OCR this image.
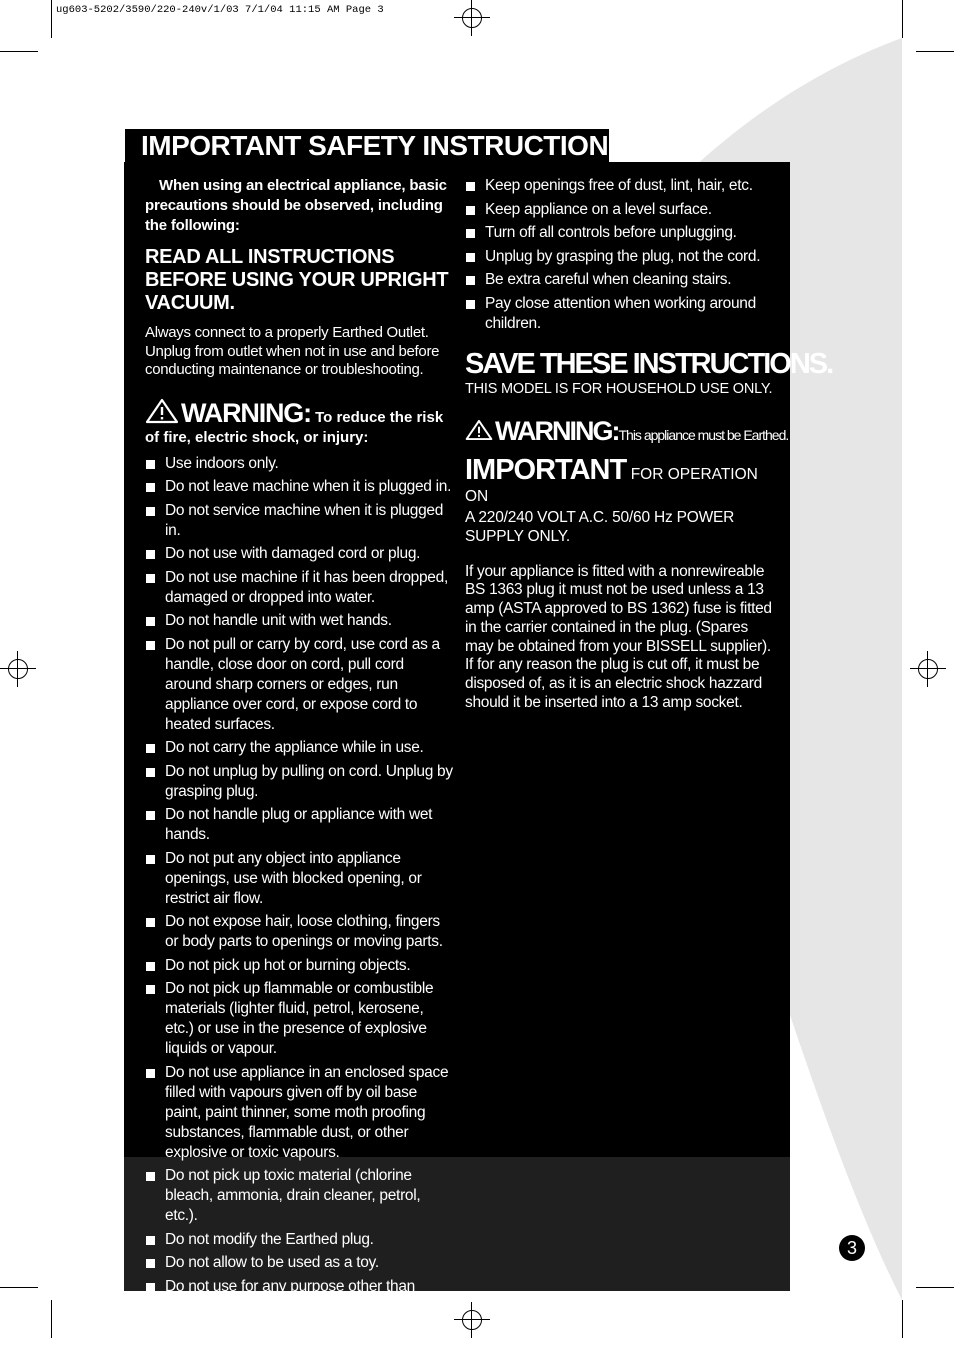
ug603-5202/3590/220-240v/1/03 7/1/04 11:15 AM Page 3
IMPORTANT SAFETY INSTRUCTIONS
When using an electrical appliance, basic precautions should be observed, including the following:
READ ALL INSTRUCTIONS BEFORE USING YOUR UPRIGHT VACUUM.
Always connect to a properly Earthed Outlet. Unplug from outlet when not in use and before conducting maintenance or troubleshooting.
WARNING: To reduce the risk of fire, electric shock, or injury:
Use indoors only.
Do not leave machine when it is plugged in.
Do not service machine when it is plugged in.
Do not use with damaged cord or plug.
Do not use machine if it has been dropped, damaged or dropped into water.
Do not handle unit with wet hands.
Do not pull or carry by cord, use cord as a handle, close door on cord, pull cord around sharp corners or edges, run appliance over cord, or expose cord to heated surfaces.
Do not carry the appliance while in use.
Do not unplug by pulling on cord. Unplug by grasping plug.
Do not handle plug or appliance with wet hands.
Do not put any object into appliance openings, use with blocked opening, or restrict air flow.
Do not expose hair, loose clothing, fingers or body parts to openings or moving parts.
Do not pick up hot or burning objects.
Do not pick up flammable or combustible materials (lighter fluid, petrol, kerosene, etc.) or use in the presence of explosive liquids or vapour.
Do not use appliance in an enclosed space filled with vapours given off by oil base paint, paint thinner, some moth proofing substances, flammable dust, or other explosive or toxic vapours.
Do not pick up toxic material (chlorine bleach, ammonia, drain cleaner, petrol, etc.).
Do not modify the Earthed plug.
Do not allow to be used as a toy.
Do not use for any purpose other than described in this User’s Guide.
Use only manufacturer’s recommended attachments.
Keep openings free of dust, lint, hair, etc.
Keep appliance on a level surface.
Turn off all controls before unplugging.
Unplug by grasping the plug, not the cord.
Be extra careful when cleaning stairs.
Pay close attention when working around children.
SAVE THESE INSTRUCTIONS.
THIS MODEL IS FOR HOUSEHOLD USE ONLY.
WARNING:This appliance must be Earthed.
IMPORTANT FOR OPERATION ON
A 220/240 VOLT A.C. 50/60 Hz POWER SUPPLY ONLY.
If your appliance is fitted with a nonrewireable BS 1363 plug it must not be used unless a 13 amp (ASTA approved to BS 1362) fuse is fitted in the carrier contained in the plug. (Spares may be obtained from your BISSELL supplier). If for any reason the plug is cut off, it must be disposed of, as it is an electric shock hazzard should it be inserted into a 13 amp socket.
3
